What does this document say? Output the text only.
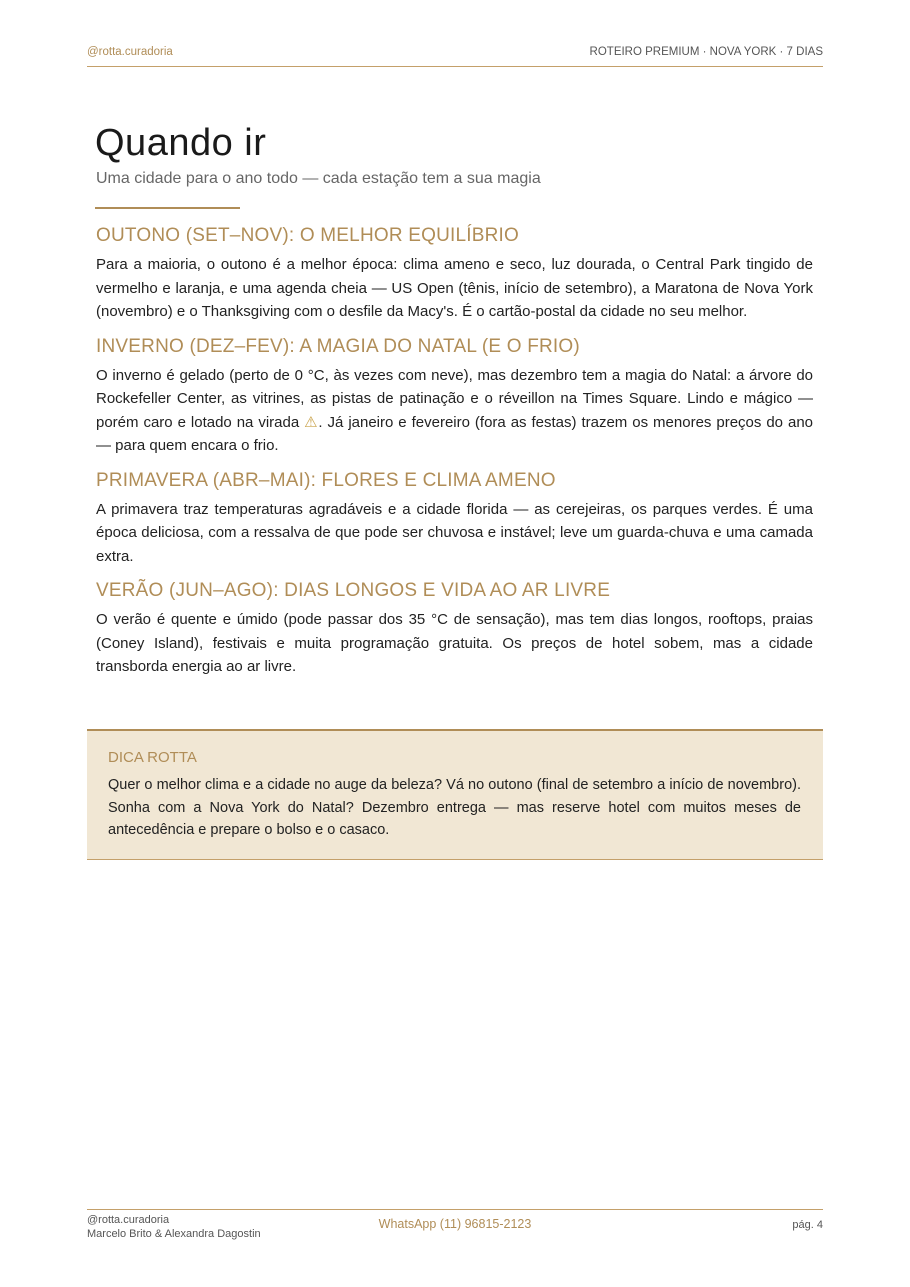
@rotta.curadoria	ROTEIRO PREMIUM · NOVA YORK · 7 DIAS
Quando ir

Uma cidade para o ano todo — cada estação tem a sua magia

OUTONO (SET–NOV): O MELHOR EQUILÍBRIO

Para a maioria, o outono é a melhor época: clima ameno e seco, luz dourada, o Central Park tingido de vermelho e laranja, e uma agenda cheia — US Open (tênis, início de setembro), a Maratona de Nova York (novembro) e o Thanksgiving com o desfile da Macy's. É o cartão-postal da cidade no seu melhor.

INVERNO (DEZ–FEV): A MAGIA DO NATAL (E O FRIO)

O inverno é gelado (perto de 0 °C, às vezes com neve), mas dezembro tem a magia do Natal: a árvore do Rockefeller Center, as vitrines, as pistas de patinação e o réveillon na Times Square. Lindo e mágico — porém caro e lotado na virada ⚠. Já janeiro e fevereiro (fora as festas) trazem os menores preços do ano — para quem encara o frio.

PRIMAVERA (ABR–MAI): FLORES E CLIMA AMENO

A primavera traz temperaturas agradáveis e a cidade florida — as cerejeiras, os parques verdes. É uma época deliciosa, com a ressalva de que pode ser chuvosa e instável; leve um guarda-chuva e uma camada extra.

VERÃO (JUN–AGO): DIAS LONGOS E VIDA AO AR LIVRE

O verão é quente e úmido (pode passar dos 35 °C de sensação), mas tem dias longos, rooftops, praias (Coney Island), festivais e muita programação gratuita. Os preços de hotel sobem, mas a cidade transborda energia ao ar livre.

DICA ROTTA

Quer o melhor clima e a cidade no auge da beleza? Vá no outono (final de setembro a início de novembro). Sonha com a Nova York do Natal? Dezembro entrega — mas reserve hotel com muitos meses de antecedência e prepare o bolso e o casaco.

@rotta.curadoria
Marcelo Brito & Alexandra Dagostin
WhatsApp (11) 96815-2123	pág. 4
